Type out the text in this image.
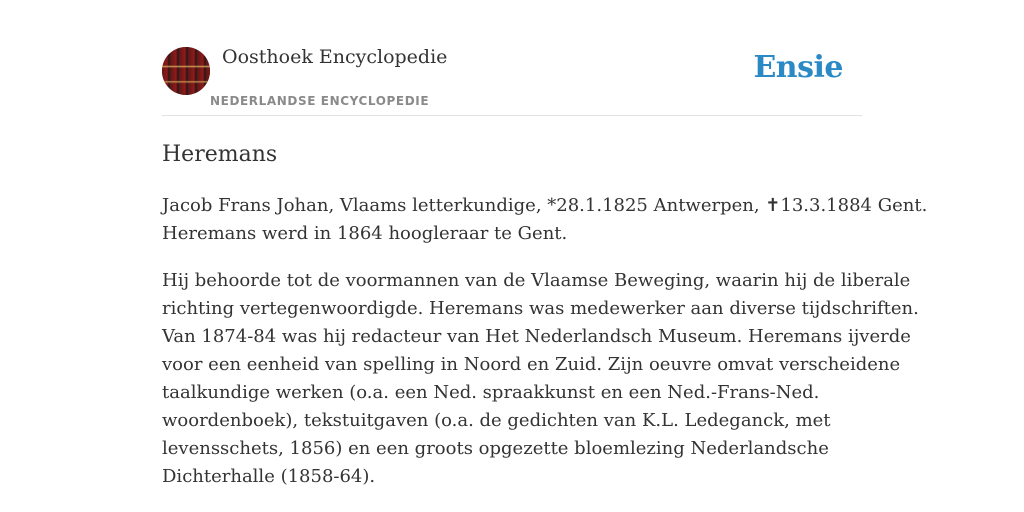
Oosthoek Encyclopedie
NEDERLANDSE ENCYCLOPEDIE
Ensie
Heremans

Jacob Frans Johan, Vlaams letterkundige, *28.1.1825 Antwerpen, ✝13.3.1884 Gent.
Heremans werd in 1864 hoogleraar te Gent.

Hij behoorde tot de voormannen van de Vlaamse Beweging, waarin hij de liberale
richting vertegenwoordigde. Heremans was medewerker aan diverse tijdschriften.
Van 1874-84 was hij redacteur van Het Nederlandsch Museum. Heremans ijverde
voor een eenheid van spelling in Noord en Zuid. Zijn oeuvre omvat verscheidene
taalkundige werken (o.a. een Ned. spraakkunst en een Ned.-Frans-Ned.
woordenboek), tekstuitgaven (o.a. de gedichten van K.L. Ledeganck, met
levensschets, 1856) en een groots opgezette bloemlezing Nederlandsche
Dichterhalle (1858-64).
